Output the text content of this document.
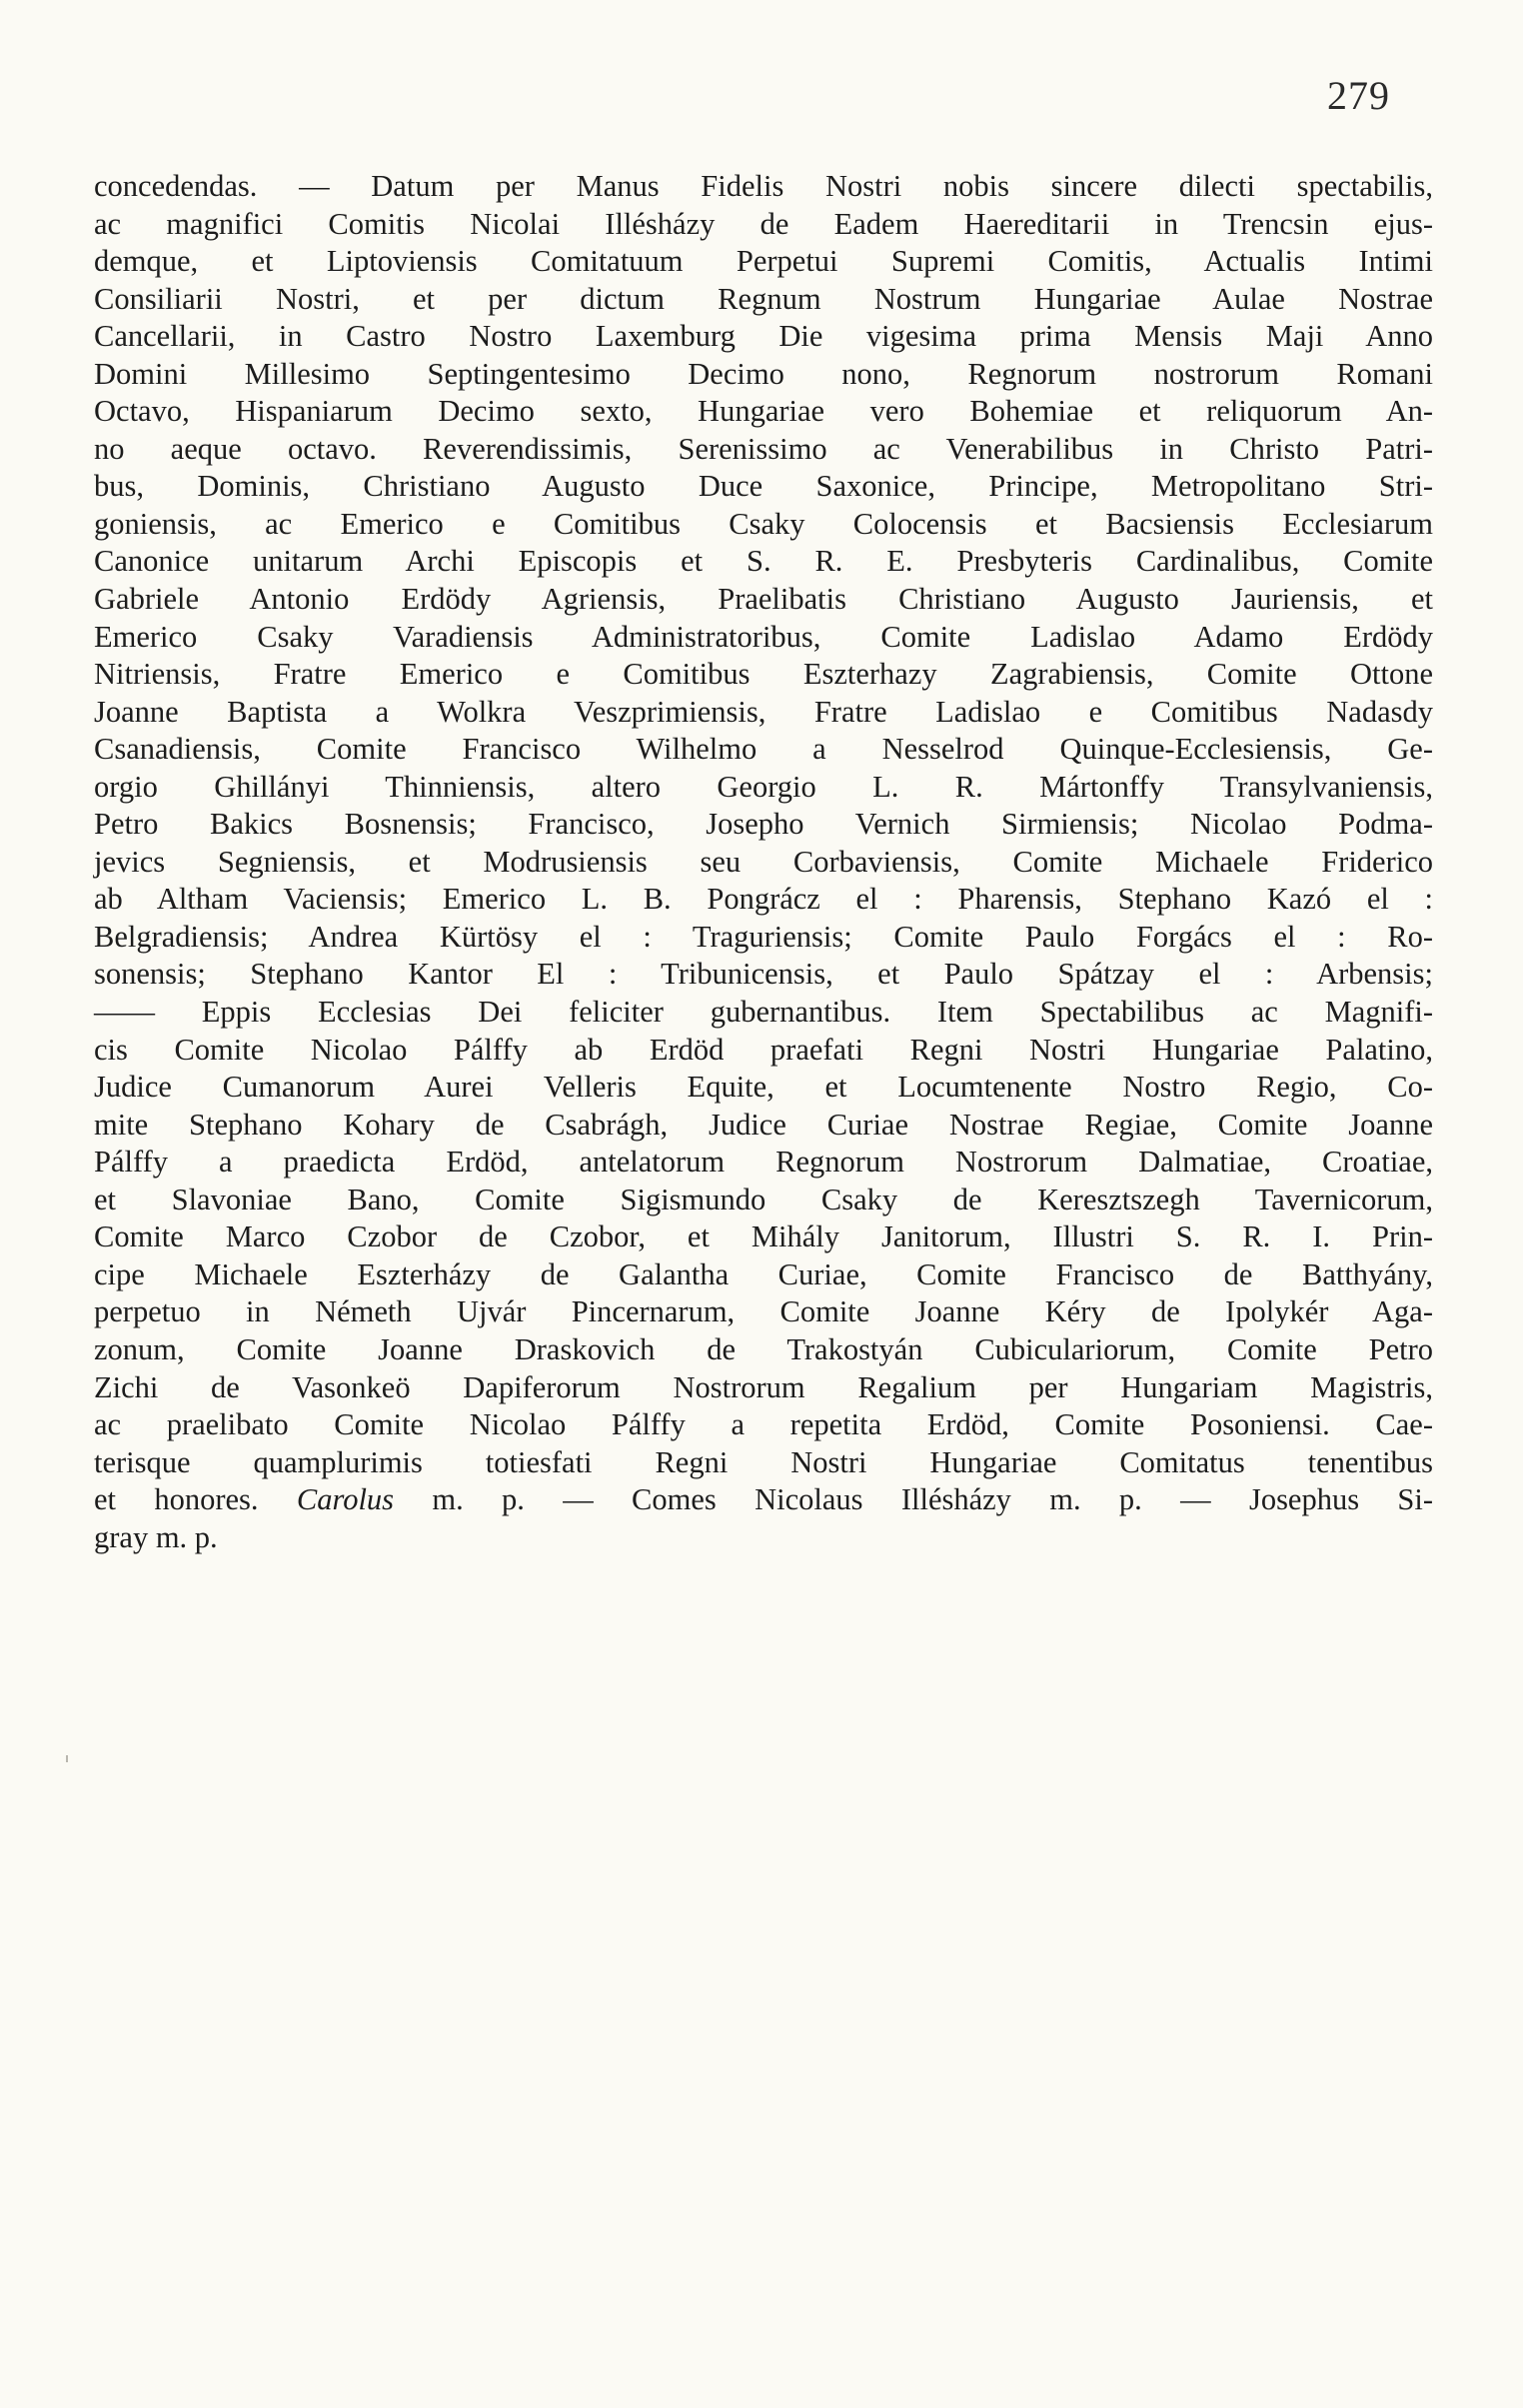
279
concedendas. — Datum per Manus Fidelis Nostri nobis sincere dilecti spectabilis,
ac magnifici Comitis Nicolai Illésházy de Eadem Haereditarii in Trencsin ejus-
demque, et Liptoviensis Comitatuum Perpetui Supremi Comitis, Actualis Intimi
Consiliarii Nostri, et per dictum Regnum Nostrum Hungariae Aulae Nostrae
Cancellarii, in Castro Nostro Laxemburg Die vigesima prima Mensis Maji Anno
Domini Millesimo Septingentesimo Decimo nono, Regnorum nostrorum Romani
Octavo, Hispaniarum Decimo sexto, Hungariae vero Bohemiae et reliquorum An-
no aeque octavo. Reverendissimis, Serenissimo ac Venerabilibus in Christo Patri-
bus, Dominis, Christiano Augusto Duce Saxonice, Principe, Metropolitano Stri-
goniensis, ac Emerico e Comitibus Csaky Colocensis et Bacsiensis Ecclesiarum
Canonice unitarum Archi Episcopis et S. R. E. Presbyteris Cardinalibus, Comite
Gabriele Antonio Erdödy Agriensis, Praelibatis Christiano Augusto Jauriensis, et
Emerico Csaky Varadiensis Administratoribus, Comite Ladislao Adamo Erdödy
Nitriensis, Fratre Emerico e Comitibus Eszterhazy Zagrabiensis, Comite Ottone
Joanne Baptista a Wolkra Veszprimiensis, Fratre Ladislao e Comitibus Nadasdy
Csanadiensis, Comite Francisco Wilhelmo a Nesselrod Quinque-Ecclesiensis, Ge-
orgio Ghillányi Thinniensis, altero Georgio L. R. Mártonffy Transylvaniensis,
Petro Bakics Bosnensis; Francisco, Josepho Vernich Sirmiensis; Nicolao Podma-
jevics Segniensis, et Modrusiensis seu Corbaviensis, Comite Michaele Friderico
ab Altham Vaciensis; Emerico L. B. Pongrácz el : Pharensis, Stephano Kazó el :
Belgradiensis; Andrea Kürtösy el : Traguriensis; Comite Paulo Forgács el : Ro-
sonensis; Stephano Kantor El : Tribunicensis, et Paulo Spátzay el : Arbensis;
—— Eppis Ecclesias Dei feliciter gubernantibus. Item Spectabilibus ac Magnifi-
cis Comite Nicolao Pálffy ab Erdöd praefati Regni Nostri Hungariae Palatino,
Judice Cumanorum Aurei Velleris Equite, et Locumtenente Nostro Regio, Co-
mite Stephano Kohary de Csabrágh, Judice Curiae Nostrae Regiae, Comite Joanne
Pálffy a praedicta Erdöd, antelatorum Regnorum Nostrorum Dalmatiae, Croatiae,
et Slavoniae Bano, Comite Sigismundo Csaky de Keresztszegh Tavernicorum,
Comite Marco Czobor de Czobor, et Mihály Janitorum, Illustri S. R. I. Prin-
cipe Michaele Eszterházy de Galantha Curiae, Comite Francisco de Batthyány,
perpetuo in Németh Ujvár Pincernarum, Comite Joanne Kéry de Ipolykér Aga-
zonum, Comite Joanne Draskovich de Trakostyán Cubiculariorum, Comite Petro
Zichi de Vasonkeö Dapiferorum Nostrorum Regalium per Hungariam Magistris,
ac praelibato Comite Nicolao Pálffy a repetita Erdöd, Comite Posoniensi. Cae-
terisque quamplurimis totiesfati Regni Nostri Hungariae Comitatus tenentibus
et honores. Carolus m. p. — Comes Nicolaus Illésházy m. p. — Josephus Si-
gray m. p.
